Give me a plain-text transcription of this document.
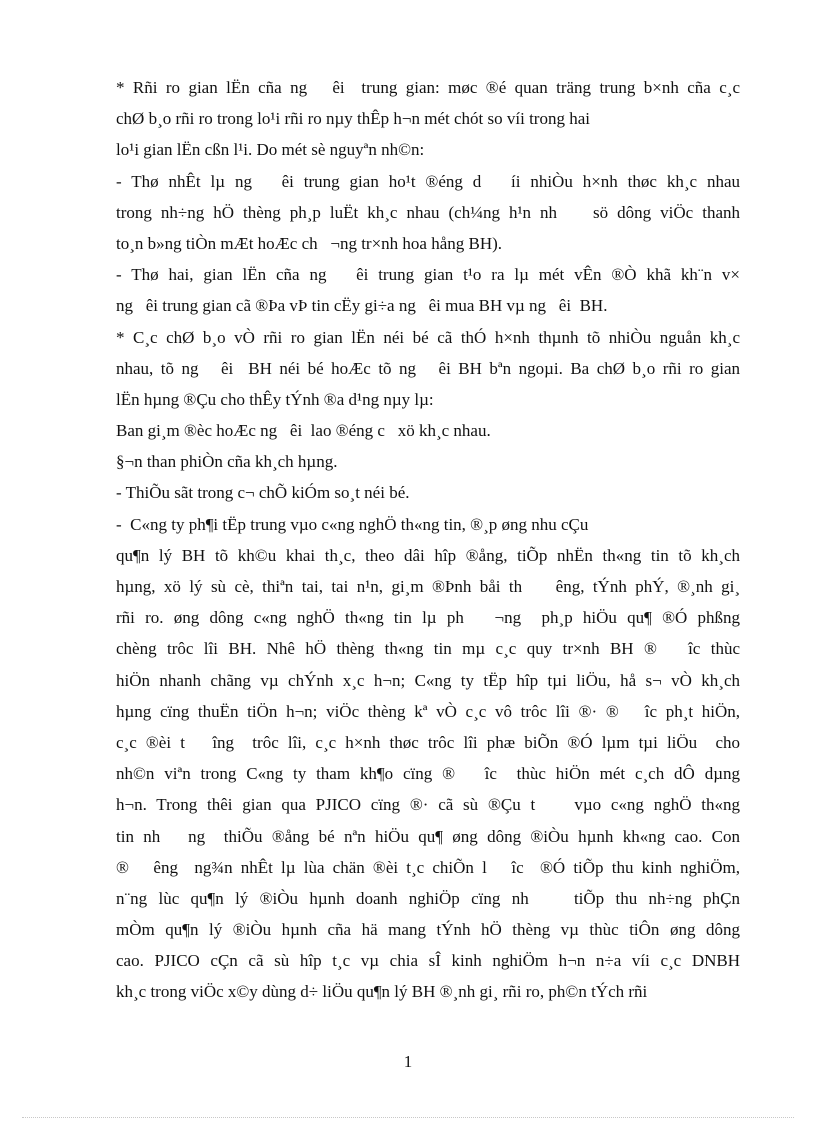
* Rñi ro gian lËn cña ng   êi  trung gian: møc ®é quan träng trung b×nh cña c¸c
chØ b¸o rñi ro trong lo¹i rñi ro nµy thÊp h¬n mét chót so víi trong hai
lo¹i gian lËn cßn l¹i. Do mét sè nguyªn nh©n:
- Thø nhÊt lµ ng   êi trung gian ho¹t ®éng d   íi nhiÒu h×nh thøc kh¸c nhau
trong nh÷ng hÖ thèng ph¸p luËt kh¸c nhau (ch¼ng h¹n nh    sö dông viÖc thanh
to¸n b»ng tiÒn mÆt hoÆc ch   ¬ng tr×nh hoa hång BH).
- Thø hai, gian lËn cña ng   êi trung gian t¹o ra lµ mét vÊn ®Ò khã kh¨n v×
ng   êi trung gian cã ®Þa vÞ tin cËy gi÷a ng   êi mua BH vµ ng   êi  BH.
* C¸c chØ b¸o vÒ rñi ro gian lËn néi bé cã thÓ h×nh thµnh tõ nhiÒu nguån kh¸c
nhau, tõ ng   êi  BH néi bé hoÆc tõ ng   êi BH bªn ngoµi. Ba chØ b¸o rñi ro gian
lËn hµng ®Çu cho thÊy tÝnh ®a d¹ng nµy lµ:
Ban gi¸m ®èc hoÆc ng   êi  lao ®éng c   xö kh¸c nhau.
§¬n than phiÒn cña kh¸ch hµng.
- ThiÕu sãt trong c¬ chÕ kiÓm so¸t néi bé.
-  C«ng ty ph¶i tËp trung vµo c«ng nghÖ th«ng tin, ®¸p øng nhu cÇu
qu¶n lý BH tõ kh©u khai th¸c, theo dâi hîp ®ång, tiÕp nhËn th«ng tin tõ kh¸ch
hµng, xö lý sù cè, thiªn tai, tai n¹n, gi¸m ®Þnh båi th    êng, tÝnh phÝ, ®¸nh gi¸
rñi ro. øng dông c«ng nghÖ th«ng tin lµ ph   ¬ng  ph¸p hiÖu qu¶ ®Ó phßng
chèng trôc lîi BH. Nhê hÖ thèng th«ng tin mµ c¸c quy tr×nh BH ®   îc thùc
hiÖn nhanh chãng vµ chÝnh x¸c h¬n; C«ng ty tËp hîp tµi liÖu, hå s¬ vÒ kh¸ch
hµng cïng thuËn tiÖn h¬n; viÖc thèng kª vÒ c¸c vô trôc lîi ®· ®   îc ph¸t hiÖn,
c¸c ®èi t   îng  trôc lîi, c¸c h×nh thøc trôc lîi phæ biÕn ®Ó lµm tµi liÖu  cho
nh©n viªn trong C«ng ty tham kh¶o cïng ®   îc  thùc hiÖn mét c¸ch dÔ dµng
h¬n. Trong thêi gian qua PJICO cïng ®· cã sù ®Çu t    vµo c«ng nghÖ th«ng
tin nh   ng  thiÕu ®ång bé nªn hiÖu qu¶ øng dông ®iÒu hµnh kh«ng cao. Con
®   êng  ng¾n nhÊt lµ lùa chän ®èi t¸c chiÕn l   îc  ®Ó tiÕp thu kinh nghiÖm,
n¨ng lùc qu¶n lý ®iÒu hµnh doanh nghiÖp cïng nh    tiÕp thu nh÷ng phÇn
mÒm qu¶n lý ®iÒu hµnh cña hä mang tÝnh hÖ thèng vµ thùc tiÔn øng dông
cao. PJICO cÇn cã sù hîp t¸c vµ chia sÎ kinh nghiÖm h¬n n÷a víi c¸c DNBH
kh¸c trong viÖc x©y dùng d÷ liÖu qu¶n lý BH ®¸nh gi¸ rñi ro, ph©n tÝch rñi
1
